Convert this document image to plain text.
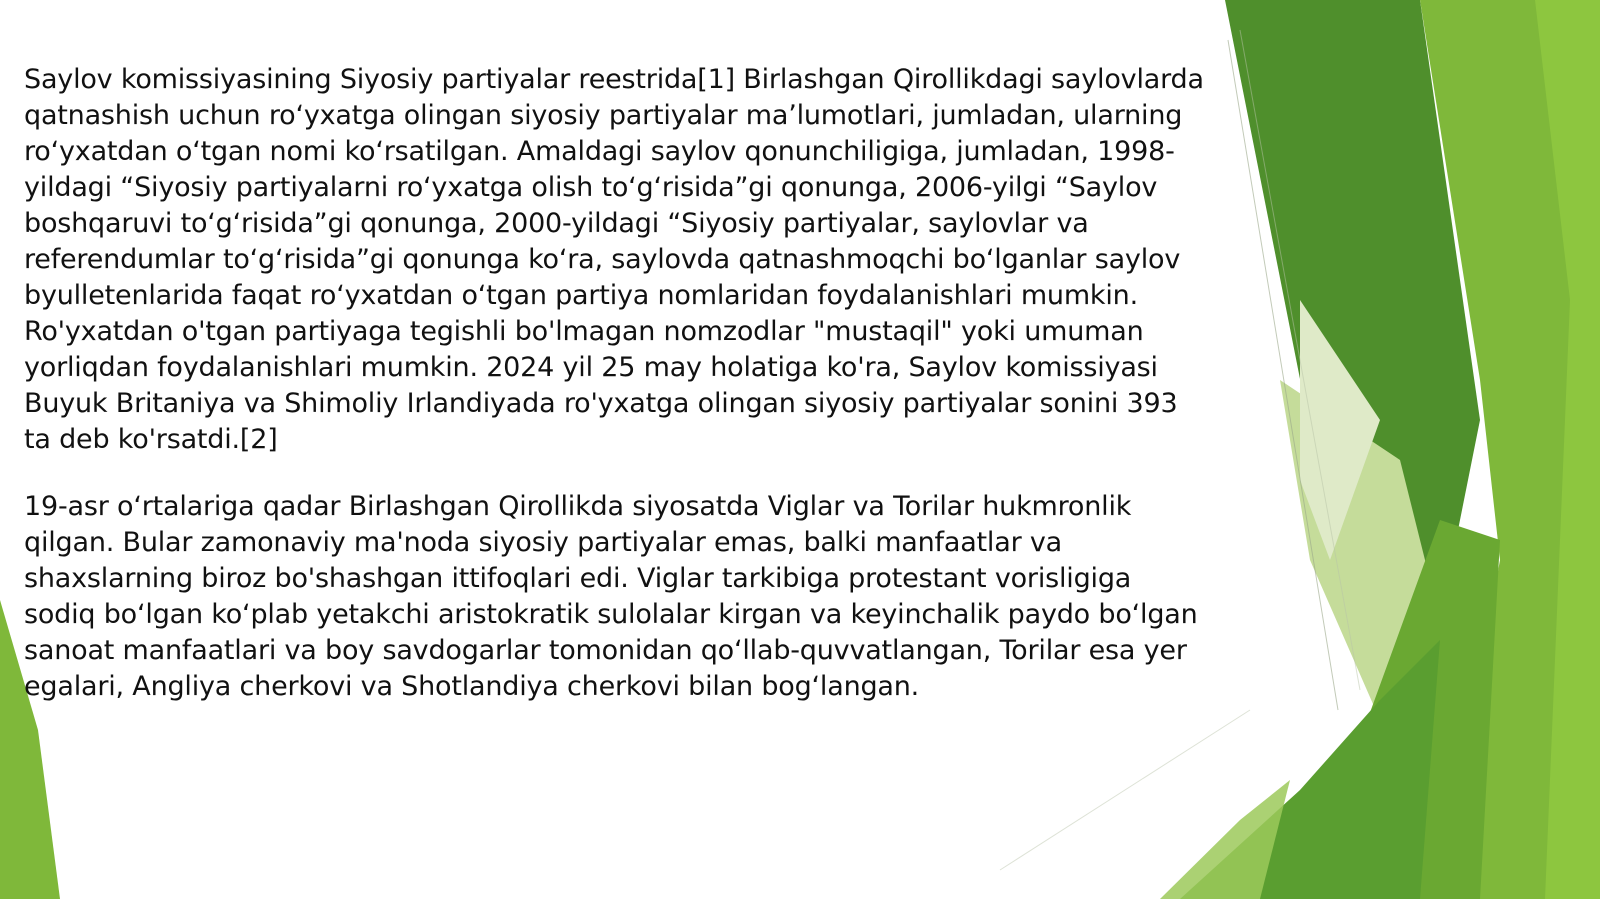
Saylov komissiyasining Siyosiy partiyalar reestrida[1] Birlashgan Qirollikdagi saylovlarda qatnashish uchun roʻyxatga olingan siyosiy partiyalar maʼlumotlari, jumladan, ularning roʻyxatdan oʻtgan nomi koʻrsatilgan. Amaldagi saylov qonunchiligiga, jumladan, 1998-yildagi “Siyosiy partiyalarni roʻyxatga olish toʻgʻrisida”gi qonunga, 2006-yilgi “Saylov boshqaruvi toʻgʻrisida”gi qonunga, 2000-yildagi “Siyosiy partiyalar, saylovlar va referendumlar toʻgʻrisida”gi qonunga koʻra, saylovda qatnashmoqchi boʻlganlar saylov byulletenlarida faqat roʻyxatdan oʻtgan partiya nomlaridan foydalanishlari mumkin. Ro'yxatdan o'tgan partiyaga tegishli bo'lmagan nomzodlar "mustaqil" yoki umuman yorliqdan foydalanishlari mumkin. 2024 yil 25 may holatiga ko'ra, Saylov komissiyasi Buyuk Britaniya va Shimoliy Irlandiyada ro'yxatga olingan siyosiy partiyalar sonini 393 ta deb ko'rsatdi.[2]

19-asr oʻrtalariga qadar Birlashgan Qirollikda siyosatda Viglar va Torilar hukmronlik qilgan. Bular zamonaviy ma'noda siyosiy partiyalar emas, balki manfaatlar va shaxslarning biroz bo'shashgan ittifoqlari edi. Viglar tarkibiga protestant vorisligiga sodiq boʻlgan koʻplab yetakchi aristokratik sulolalar kirgan va keyinchalik paydo boʻlgan sanoat manfaatlari va boy savdogarlar tomonidan qoʻllab-quvvatlangan, Torilar esa yer egalari, Angliya cherkovi va Shotlandiya cherkovi bilan bogʻlangan.
